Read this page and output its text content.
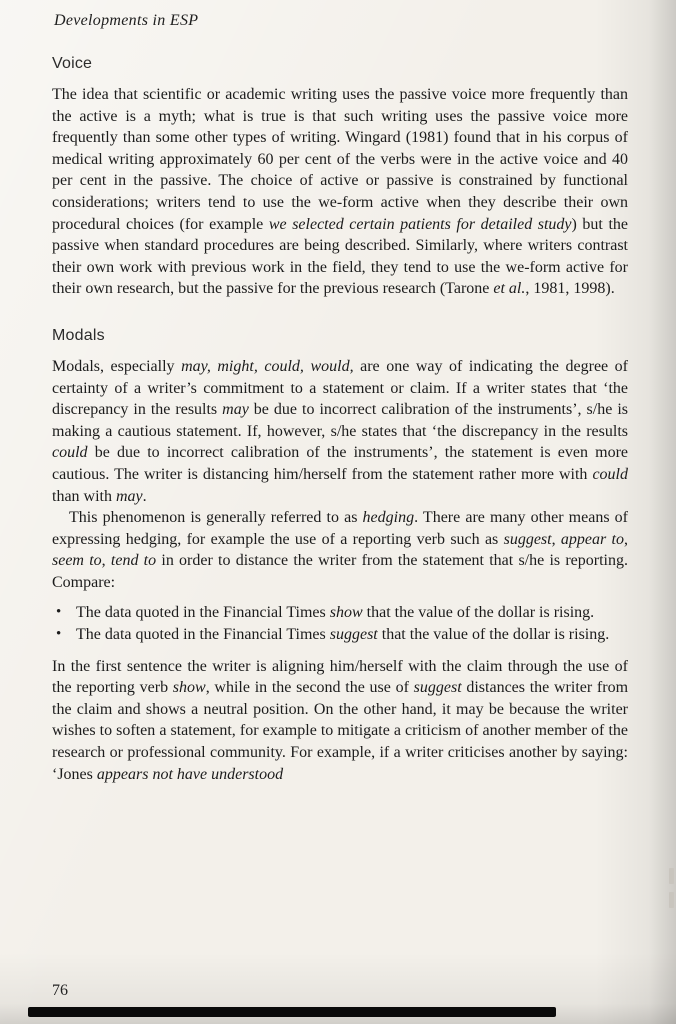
Developments in ESP
Voice

The idea that scientific or academic writing uses the passive voice more frequently than the active is a myth; what is true is that such writing uses the passive voice more frequently than some other types of writing. Wingard (1981) found that in his corpus of medical writing approximately 60 per cent of the verbs were in the active voice and 40 per cent in the passive. The choice of active or passive is constrained by functional considerations; writers tend to use the we-form active when they describe their own procedural choices (for example we selected certain patients for detailed study) but the passive when standard procedures are being described. Similarly, where writers contrast their own work with previous work in the field, they tend to use the we-form active for their own research, but the passive for the previous research (Tarone et al., 1981, 1998).

Modals

Modals, especially may, might, could, would, are one way of indicating the degree of certainty of a writer’s commitment to a statement or claim. If a writer states that ‘the discrepancy in the results may be due to incorrect calibration of the instruments’, s/he is making a cautious statement. If, however, s/he states that ‘the discrepancy in the results could be due to incorrect calibration of the instruments’, the statement is even more cautious. The writer is distancing him/herself from the statement rather more with could than with may.

This phenomenon is generally referred to as hedging. There are many other means of expressing hedging, for example the use of a reporting verb such as suggest, appear to, seem to, tend to in order to distance the writer from the statement that s/he is reporting. Compare:

• The data quoted in the Financial Times show that the value of the dollar is rising.
• The data quoted in the Financial Times suggest that the value of the dollar is rising.

In the first sentence the writer is aligning him/herself with the claim through the use of the reporting verb show, while in the second the use of suggest distances the writer from the claim and shows a neutral position. On the other hand, it may be because the writer wishes to soften a statement, for example to mitigate a criticism of another member of the research or professional community. For example, if a writer criticises another by saying: ‘Jones appears not have understood

76
